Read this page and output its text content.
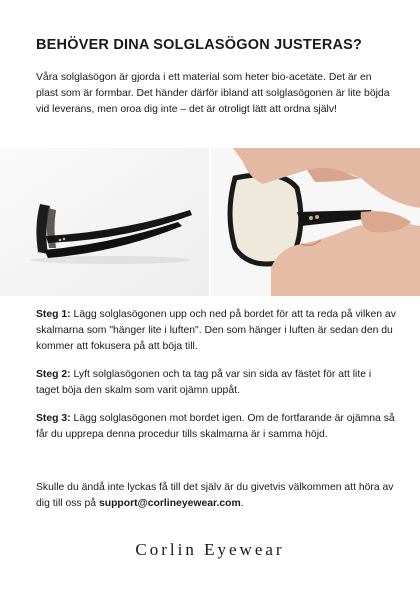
BEHÖVER DINA SOLGLASÖGON JUSTERAS?

Våra solglasögon är gjorda i ett material som heter bio-acetate. Det är en plast som är formbar. Det händer därför ibland att solglasögonen är lite böjda vid leverans, men oroa dig inte – det är otroligt lätt att ordna själv!

Steg 1: Lägg solglasögonen upp och ned på bordet för att ta reda på vilken av skalmarna som "hänger lite i luften". Den som hänger i luften är sedan den du kommer att fokusera på att böja till.

Steg 2: Lyft solglasögonen och ta tag på var sin sida av fästet för att lite i taget böja den skalm som varit ojämn uppåt.

Steg 3: Lägg solglasögonen mot bordet igen. Om de fortfarande är ojämna så får du upprepa denna procedur tills skalmarna är i samma höjd.

Skulle du ändå inte lyckas få till det själv är du givetvis välkommen att höra av dig till oss på support@corlineyewear.com.

Corlin Eyewear
